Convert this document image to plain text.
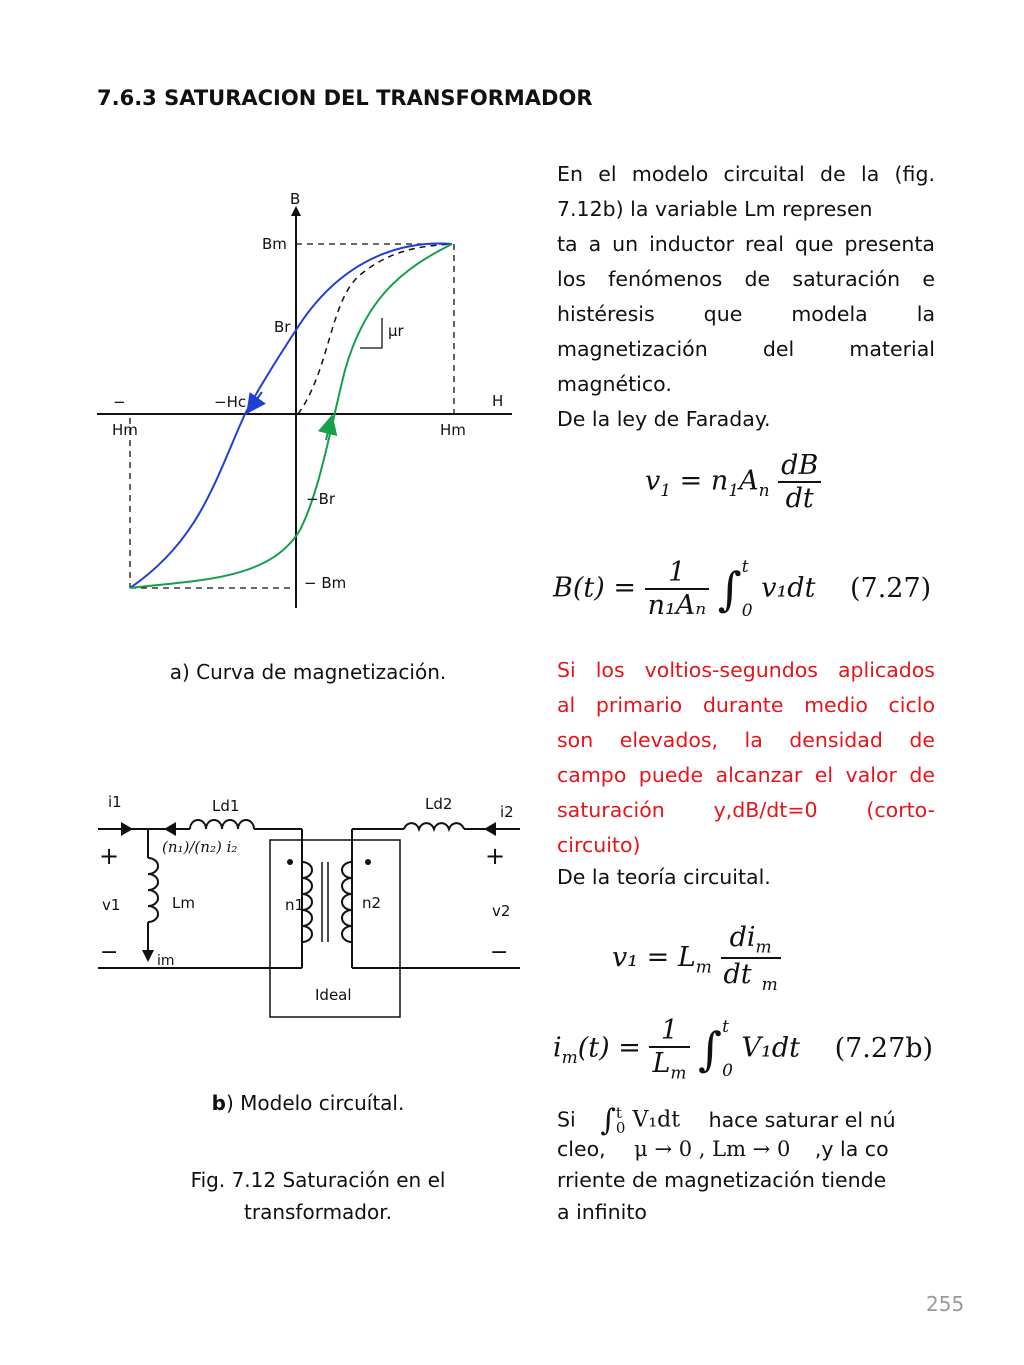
7.6.3 SATURACION DEL TRANSFORMADOR
En el modelo circuital de la (fig.
7.12b) la variable Lm represen
ta a un inductor real que presenta
los fenómenos de saturación e
histéresis que modela la
magnetización del material
magnético.
De la ley de Faraday.
$v_1 = n_1A_n \frac{dB}{dt}$
$B(t) = \frac{1}{\text{n₁Aₙ}}$ ∫ t
0
v₁dt (7.27)
Si los voltios-segundos aplicados
al primario durante medio ciclo
son elevados, la densidad de
campo puede alcanzar el valor de
saturación y,dB/dt=0 (corto-
circuito)
De la teoría circuital.
$v_1 = L_m \frac{di_m}{dt _m}$
$i_m(t) = \frac{1}{L_m}$ ∫ t
0
V₁dt (7.27b)
Si ∫ t
0 V₁dt hace saturar el nú
cleo, μ → 0 , Lm → 0 ,y la co
rriente de magnetización tiende
a infinito
B
Bm
Br	μr
−
Hm
−Hc	H
Hm
−Br
− Bm
a) Curva de magnetización.
i1	Ld1	Ld2	i2
(n₁)/(n₂) i₂
+	+
v1	Lm	n1	n2	v2
−	−
im
Ideal
b) Modelo circuítal.
Fig. 7.12 Saturación en el
transformador.
255
